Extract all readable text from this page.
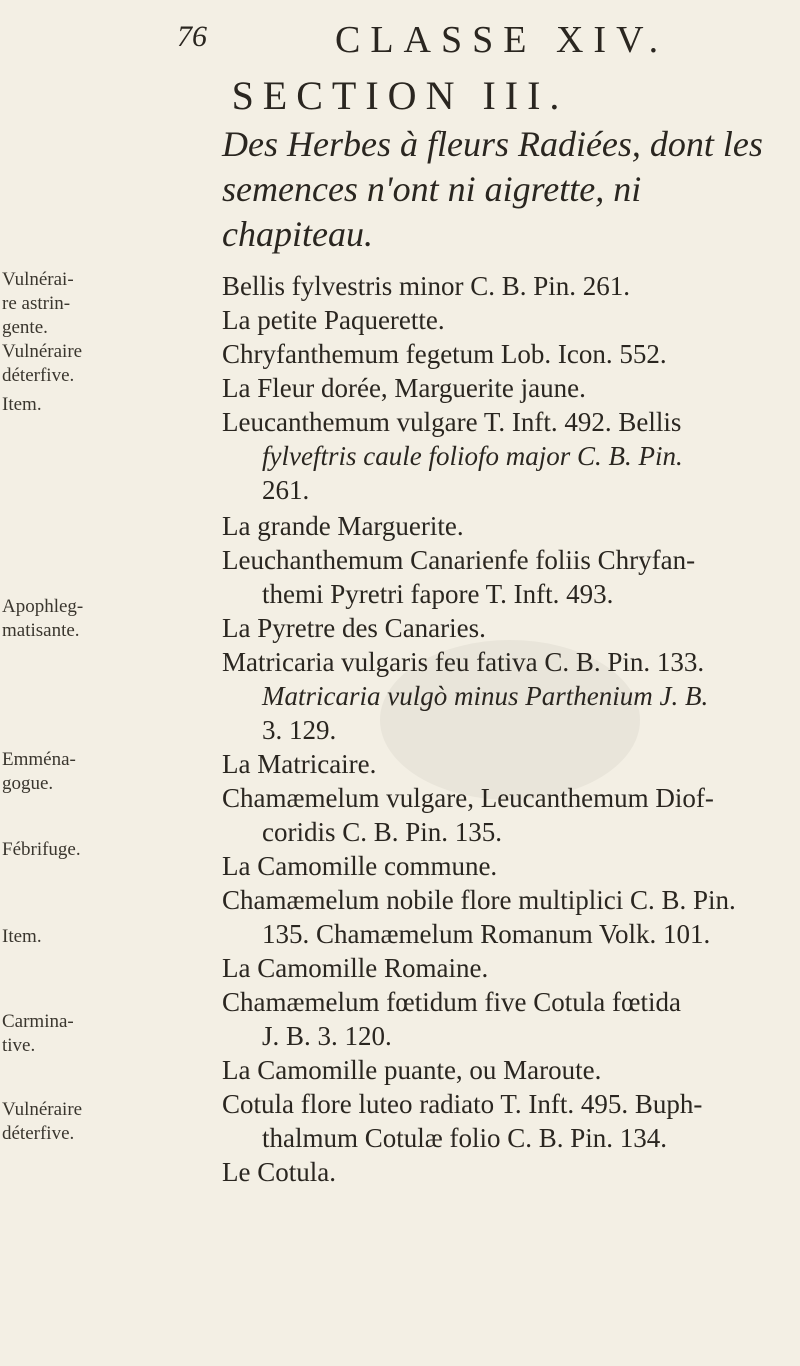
76	CLASSE XIV.
SECTION III.
Des Herbes à fleurs Radiées, dont les semences n'ont ni aigrette, ni chapiteau.
Vulnérai-
re astrin-
gente.
Vulnéraire
déterfive.
Item.
Apophleg-
matisante.
Emména-
gogue.
Fébrifuge.
Item.
Carmina-
tive.
Vulnéraire
déterfive.
Bellis fylvestris minor C. B. Pin. 261.
La petite Paquerette.
Chryfanthemum fegetum Lob. Icon. 552.
La Fleur dorée, Marguerite jaune.
Leucanthemum vulgare T. Inft. 492. Bellis
fylveftris caule foliofo major C. B. Pin.
261.
La grande Marguerite.
Leuchanthemum Canarienfe foliis Chryfan-
themi Pyretri fapore T. Inft. 493.
La Pyretre des Canaries.
Matricaria vulgaris feu fativa C. B. Pin. 133.
Matricaria vulgò minus Parthenium J. B.
3. 129.
La Matricaire.
Chamæmelum vulgare, Leucanthemum Diof-
coridis C. B. Pin. 135.
La Camomille commune.
Chamæmelum nobile flore multiplici C. B. Pin.
135. Chamæmelum Romanum Volk. 101.
La Camomille Romaine.
Chamæmelum fœtidum five Cotula fœtida
J. B. 3. 120.
La Camomille puante, ou Maroute.
Cotula flore luteo radiato T. Inft. 495. Buph-
thalmum Cotulæ folio C. B. Pin. 134.
Le Cotula.
